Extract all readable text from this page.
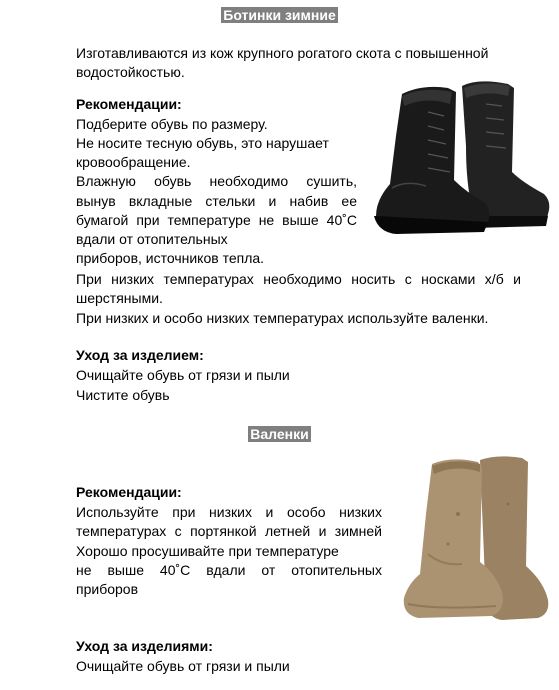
Ботинки зимние

Изготавливаются из кож крупного рогатого скота с повышенной

водостойкостью.

Рекомендации:

Подберите обувь по размеру.

Не носите тесную обувь, это нарушает

кровообращение.

Влажную обувь необходимо сушить,

вынув вкладные стельки и набив ее

бумагой при температуре не выше 40˚С

вдали от отопительных

приборов, источников тепла.

При низких температурах необходимо носить с носками х/б и

шерстяными.

При низких и особо низких температурах используйте валенки.

Уход за изделием:

Очищайте обувь от грязи и пыли

Чистите обувь

Валенки

Рекомендации:

Используйте при низких и особо низких

температурах с портянкой летней и зимней

Хорошо просушивайте при температуре

не выше 40˚С вдали от отопительных

приборов

Уход за изделиями:

Очищайте обувь от грязи и пыли
